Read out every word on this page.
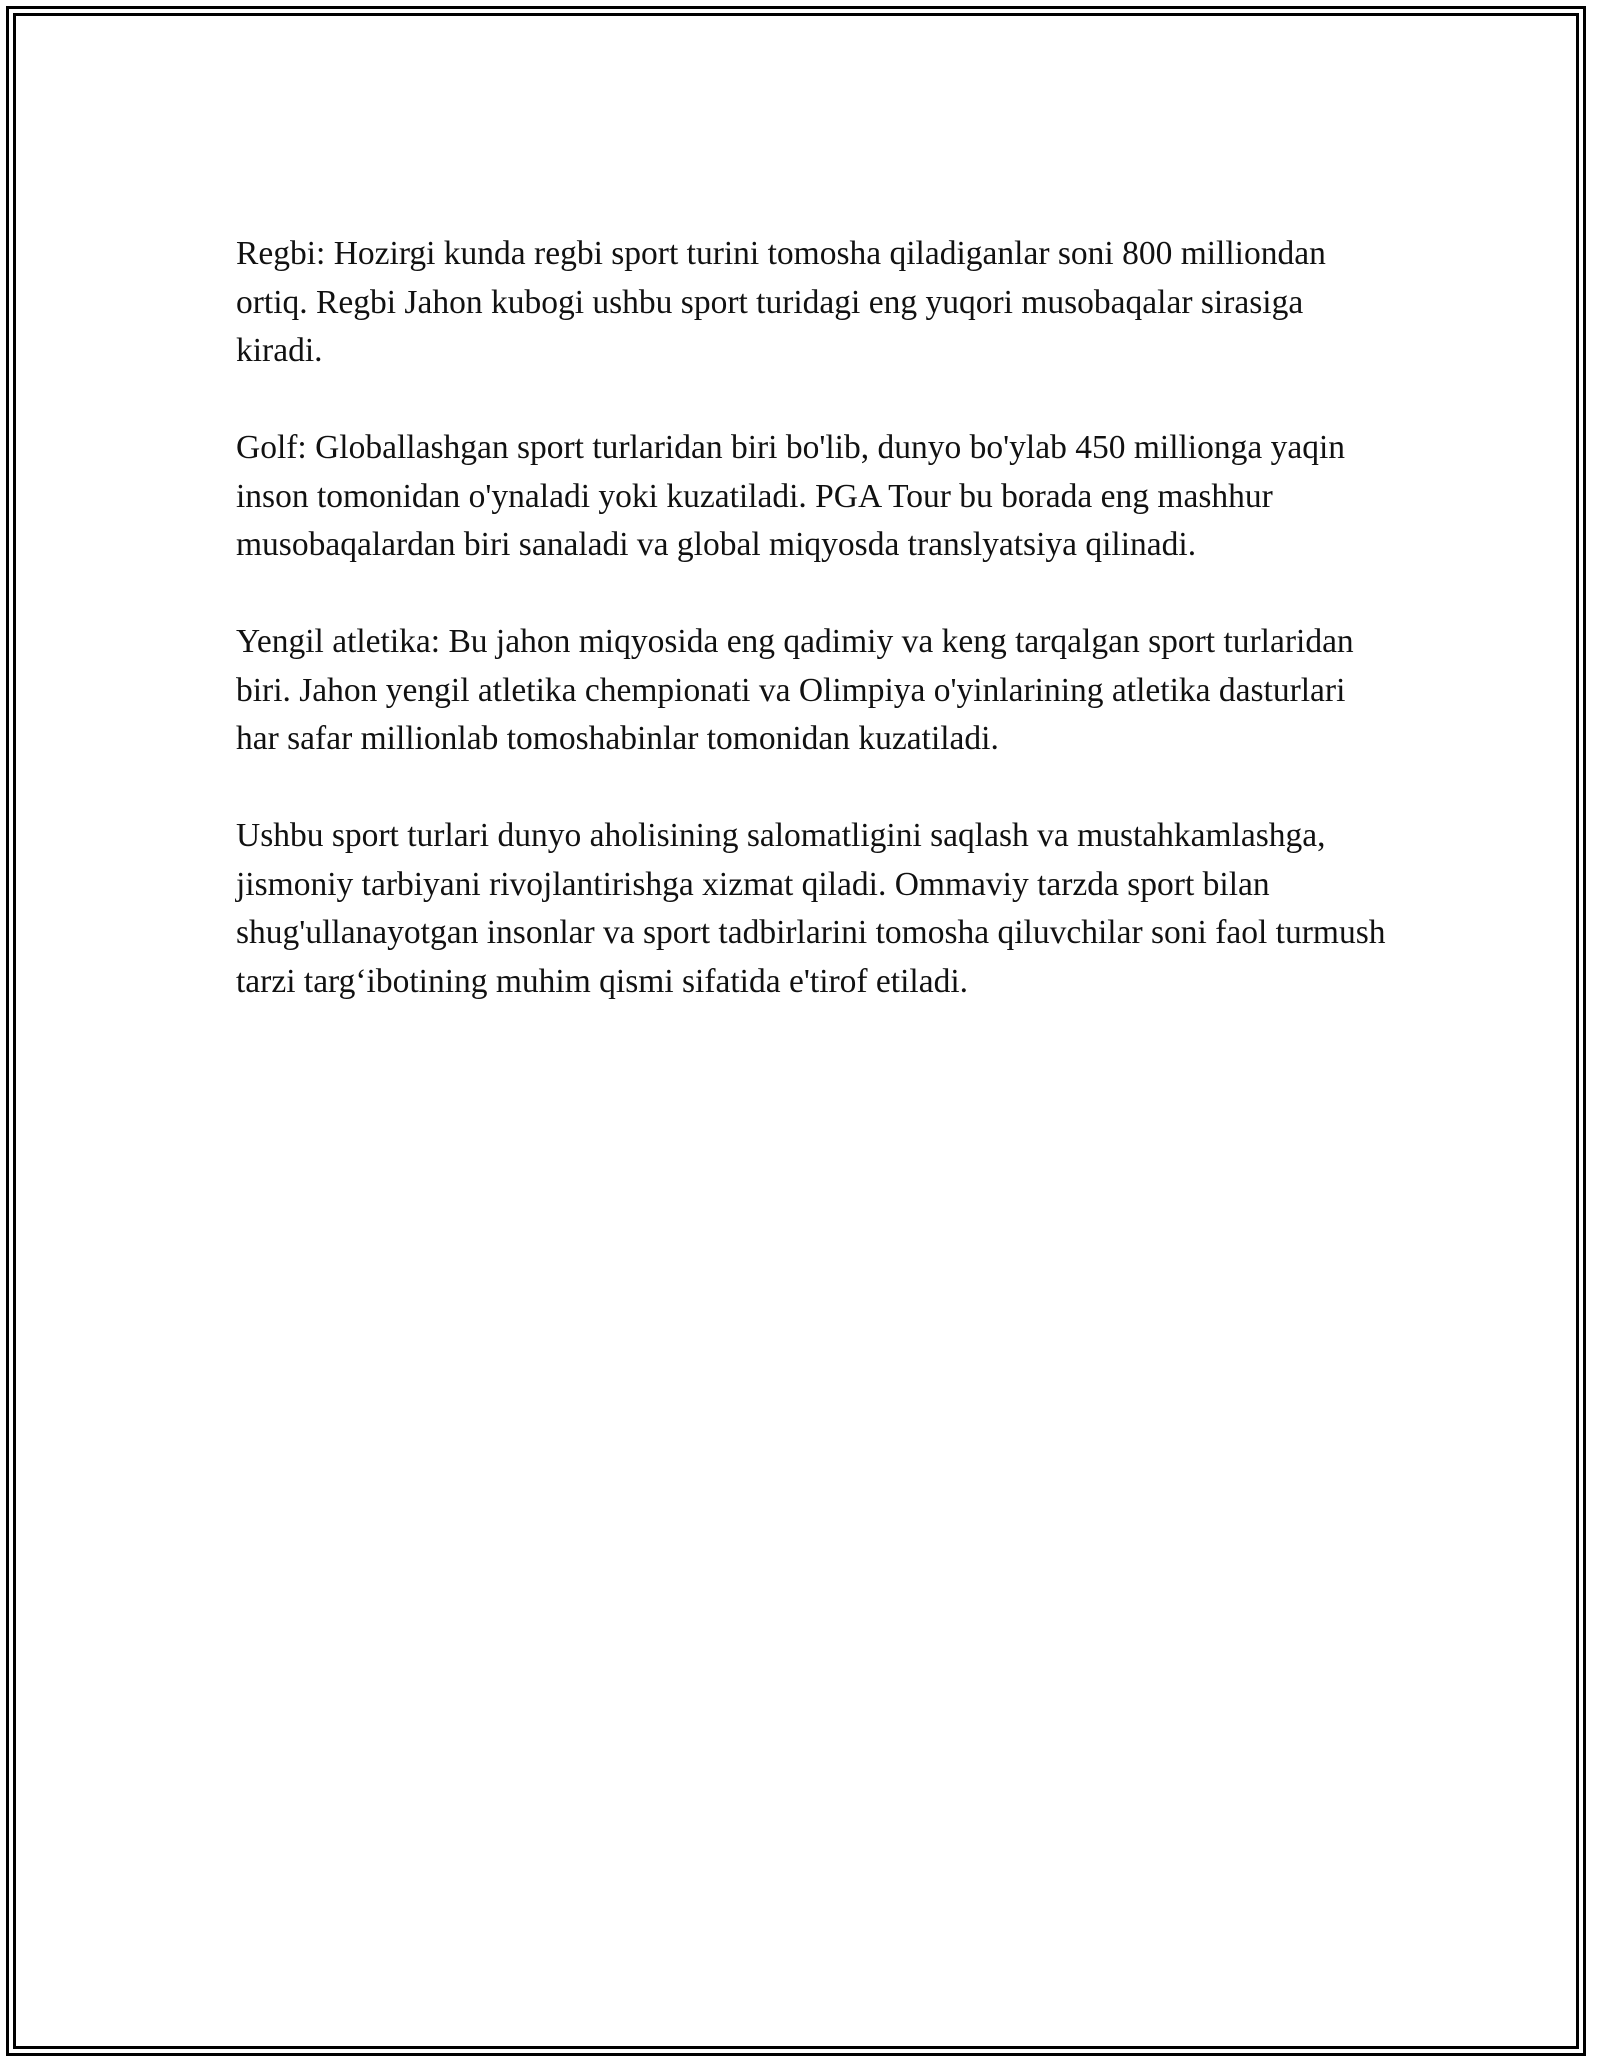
Regbi: Hozirgi kunda regbi sport turini tomosha qiladiganlar soni 800 milliondan ortiq. Regbi Jahon kubogi ushbu sport turidagi eng yuqori musobaqalar sirasiga kiradi.

Golf: Globallashgan sport turlaridan biri bo'lib, dunyo bo'ylab 450 millionga yaqin inson tomonidan o'ynaladi yoki kuzatiladi. PGA Tour bu borada eng mashhur musobaqalardan biri sanaladi va global miqyosda translyatsiya qilinadi.

Yengil atletika: Bu jahon miqyosida eng qadimiy va keng tarqalgan sport turlaridan biri. Jahon yengil atletika chempionati va Olimpiya o'yinlarining atletika dasturlari har safar millionlab tomoshabinlar tomonidan kuzatiladi.

Ushbu sport turlari dunyo aholisining salomatligini saqlash va mustahkamlashga, jismoniy tarbiyani rivojlantirishga xizmat qiladi. Ommaviy tarzda sport bilan shug'ullanayotgan insonlar va sport tadbirlarini tomosha qiluvchilar soni faol turmush tarzi targ‘ibotining muhim qismi sifatida e'tirof etiladi.
